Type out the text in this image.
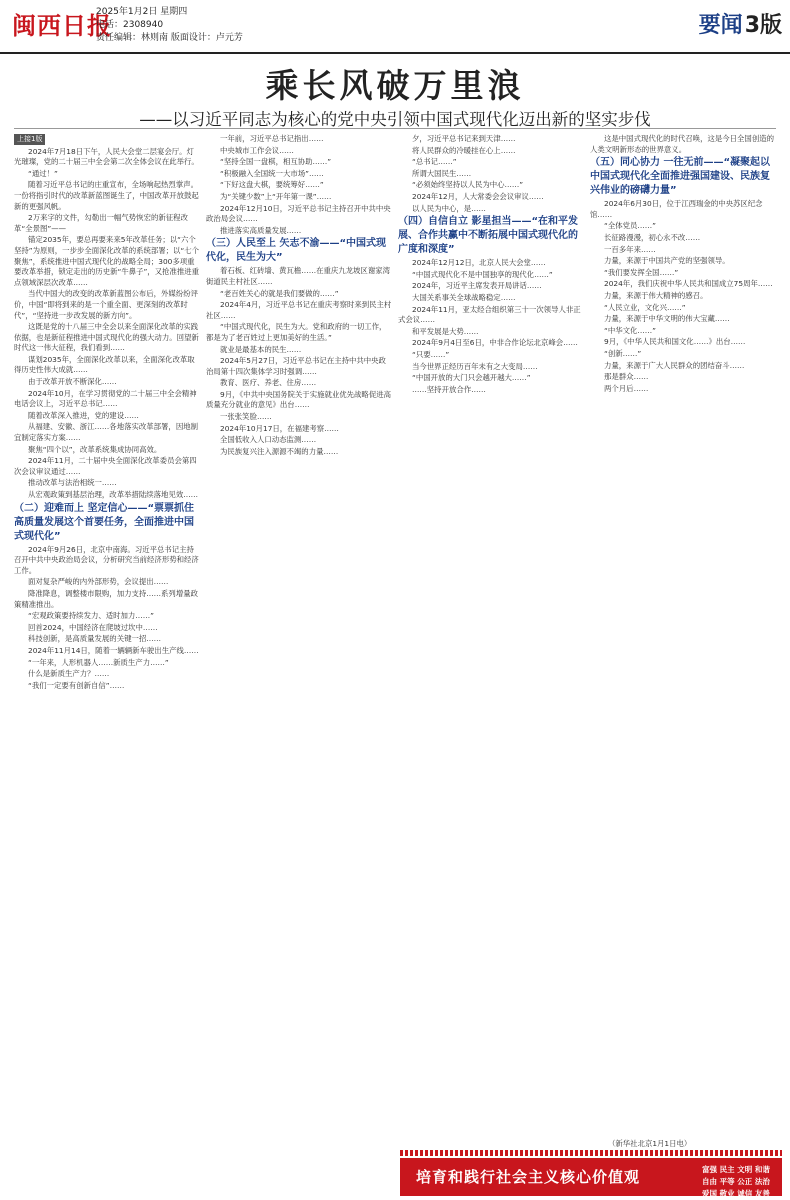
闽西日报
2025年1月2日 星期四
电话：2308940
责任编辑：林则南 版面设计：卢元芳	要闻3版
乘长风破万里浪
——以习近平同志为核心的党中央引领中国式现代化迈出新的坚实步伐
上接1版

2024年7月18日下午，人民大会堂二层宴会厅。灯光璀璨，党的二十届三中全会第二次全体会议在此举行。

“通过！”

随着习近平总书记的庄重宣布，全场响起热烈掌声。一份将指引时代的改革新蓝图诞生了，中国改革开放鼓起新的更强风帆。

2万来字的文件，勾勒出一幅气势恢宏的新征程改革“全景图”——

锚定2035年，要总再要来来5年改革任务；以“六个坚持”为原则，一步步全面深化改革的系统部署；以“七个聚焦”，系统推进中国式现代化的战略全局；300多项重要改革举措，锁定走出的历史新“牛鼻子”，又抢准推进重点领域深层次改革……

当代中国大的改变的改革新蓝图公布后，外媒纷纷评价，中国“即将到来的是一个重全面、更深刻的改革时代”，“坚持进一步改发展的新方向”。

这既是党的十八届三中全会以来全面深化改革的实践依据，也是新征程推进中国式现代化的强大动力。回望新时代这一伟大征程，我们看到……

谋划2035年，全面深化改革以来，全面深化改革取得历史性伟大成就……

由于改革开放不断深化……

2024年10月，在学习贯彻党的二十届三中全会精神电话会议上，习近平总书记……

随着改革深入推进，党的建设……

从福建、安徽、浙江……各地落实改革部署，因地制宜制定落实方案……

聚焦“四个以”，改革系统集成协同高效。

2024年11月，二十届中央全面深化改革委员会第四次会议审议通过……

推动改革与法治相统一……

从宏观政策到基层治理，改革举措陆续落地见效……

（二）迎难而上 坚定信心——“票票抓住高质量发展这个首要任务，全面推进中国式现代化”

2024年9月26日，北京中南海。习近平总书记主持召开中共中央政治局会议，分析研究当前经济形势和经济工作。

面对复杂严峻的内外部形势，会议提出……

降准降息，调整楼市限购，加力支持……系列增量政策精准推出。

“宏观政策要持续发力、适时加力……”

回首2024，中国经济在爬坡过坎中……

科技创新，是高质量发展的关键一招……

2024年11月14日，随着一辆辆新车驶出生产线……

“一年来，人形机器人……新质生产力……”

什么是新质生产力？……

“我们一定要有创新自信”……

一年前，习近平总书记指出……

中央城市工作会议……

“坚持全国一盘棋，相互协助……”

“积极融入全国统一大市场”……

“下好这盘大棋，要统筹好……”

为“关键少数”上“开年第一课”……

2024年12月10日，习近平总书记主持召开中共中央政治局会议……

推进落实高质量发展……

（三）人民至上 矢志不渝——“中国式现代化，民生为大”

着石板、红砖墙、黄瓦檐……在重庆九龙坡区谢家湾街道民主村社区……

“老百姓关心的就是我们要做的……”

2024年4月，习近平总书记在重庆考察时来到民主村社区……

“中国式现代化，民生为大。党和政府的一切工作，都是为了老百姓过上更加美好的生活。”

就业是最基本的民生……

2024年5月27日，习近平总书记在主持中共中央政治局第十四次集体学习时强调……

教育、医疗、养老、住房……

9月，《中共中央国务院关于实施就业优先战略促进高质量充分就业的意见》出台……

一张张笑脸……

2024年10月17日，在福建考察……

全国低收入人口动态监测……

为民族复兴注入源源不竭的力量……

夕，习近平总书记来到天津……

将人民群众的冷暖挂在心上……

“总书记……”

所谓大国民生……

“必须始终坚持以人民为中心……”

2024年12月，人大常委会会议审议……

以人民为中心，是……

（四）自信自立 影星担当——“在和平发展、合作共赢中不断拓展中国式现代化的广度和深度”

2024年12月12日，北京人民大会堂……

“中国式现代化不是中国独享的现代化……”

2024年，习近平主席发表开局讲话……

大国关系事关全球战略稳定……

2024年11月，亚太经合组织第三十一次领导人非正式会议……

和平发展是大势……

2024年9月4日至6日，中非合作论坛北京峰会……

“只要……”

当今世界正经历百年未有之大变局……

“中国开放的大门只会越开越大……”

……坚持开放合作……

这是中国式现代化的时代召唤，这是今日全国创造的人类文明新形态的世界意义。

（五）同心协力 一往无前——“凝聚起以中国式现代化全面推进强国建设、民族复兴伟业的磅礴力量”

2024年6月30日，位于江西瑞金的中央苏区纪念馆……

“全体党员……”

长征路漫漫，初心永不改……

一百多年来……

力量，来源于中国共产党的坚强领导。

“我们要发挥全国……”

2024年，我们庆祝中华人民共和国成立75周年……

力量，来源于伟大精神的感召。

“人民立业，文化兴……”

力量，来源于中华文明的伟大宝藏……

“中华文化……”

9月，《中华人民共和国文化……》出台……

“创新……”

力量，来源于广大人民群众的团结奋斗……

那是群众……

两个月后……

（新华社北京1月1日电）
培育和践行社会主义核心价值观	富强 民主 文明 和谐 自由 平等 公正 法治 爱国 敬业 诚信 友善
